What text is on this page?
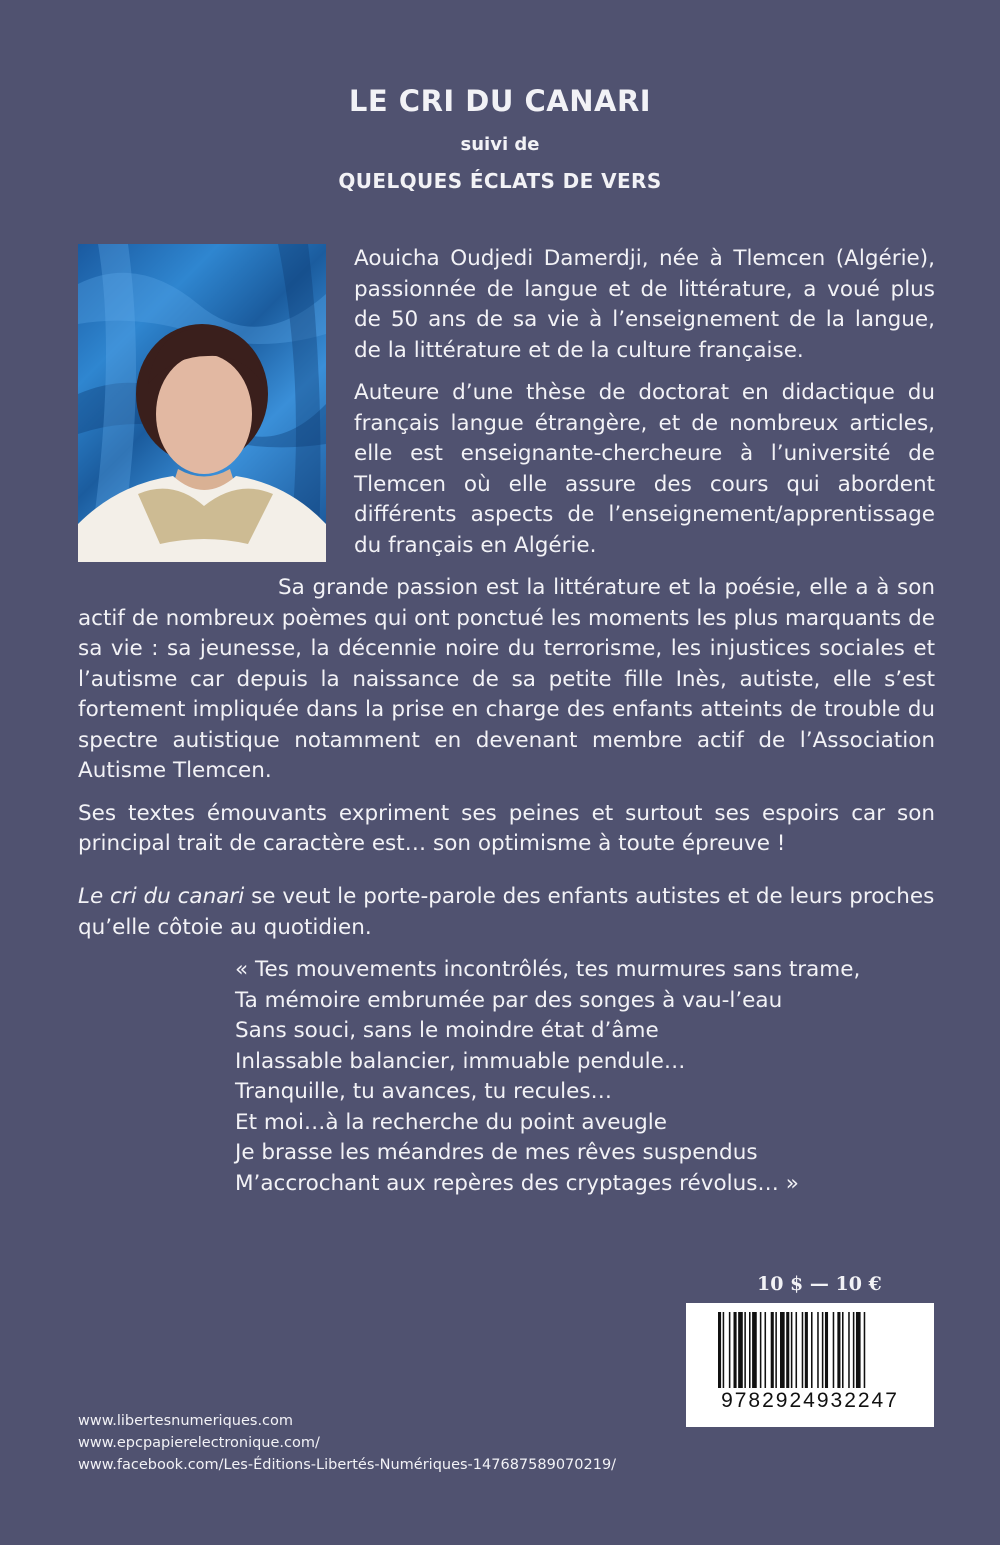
LE CRI DU CANARI
suivi de
QUELQUES ÉCLATS DE VERS

Aouicha Oudjedi Damerdji, née à Tlemcen (Algérie), passionnée de langue et de littérature, a voué plus de 50 ans de sa vie à l’enseignement de la langue, de la littérature et de la culture française.

Auteure d’une thèse de doctorat en didactique du français langue étrangère, et de nombreux articles, elle est enseignante-chercheure à l’université de Tlemcen où elle assure des cours qui abordent différents aspects de l’enseignement/apprentissage du français en Algérie.

Sa grande passion est la littérature et la poésie, elle a à son actif de nombreux poèmes qui ont ponctué les moments les plus marquants de sa vie : sa jeunesse, la décennie noire du terrorisme, les injustices sociales et l’autisme car depuis la naissance de sa petite fille Inès, autiste, elle s’est fortement impliquée dans la prise en charge des enfants atteints de trouble du spectre autistique notamment en devenant membre actif de l’Association Autisme Tlemcen.

Ses textes émouvants expriment ses peines et surtout ses espoirs car son principal trait de caractère est… son optimisme à toute épreuve !

Le cri du canari se veut le porte-parole des enfants autistes et de leurs proches qu’elle côtoie au quotidien.

« Tes mouvements incontrôlés, tes murmures sans trame,
Ta mémoire embrumée par des songes à vau-l’eau
Sans souci, sans le moindre état d’âme
Inlassable balancier, immuable pendule…
Tranquille, tu avances, tu recules…
Et moi…à la recherche du point aveugle
Je brasse les méandres de mes rêves suspendus
M’accrochant aux repères des cryptages révolus… »
10 $ — 10 €
9782924932247
www.libertesnumeriques.com
www.epcpapierelectronique.com/
www.facebook.com/Les-Éditions-Libertés-Numériques-147687589070219/
